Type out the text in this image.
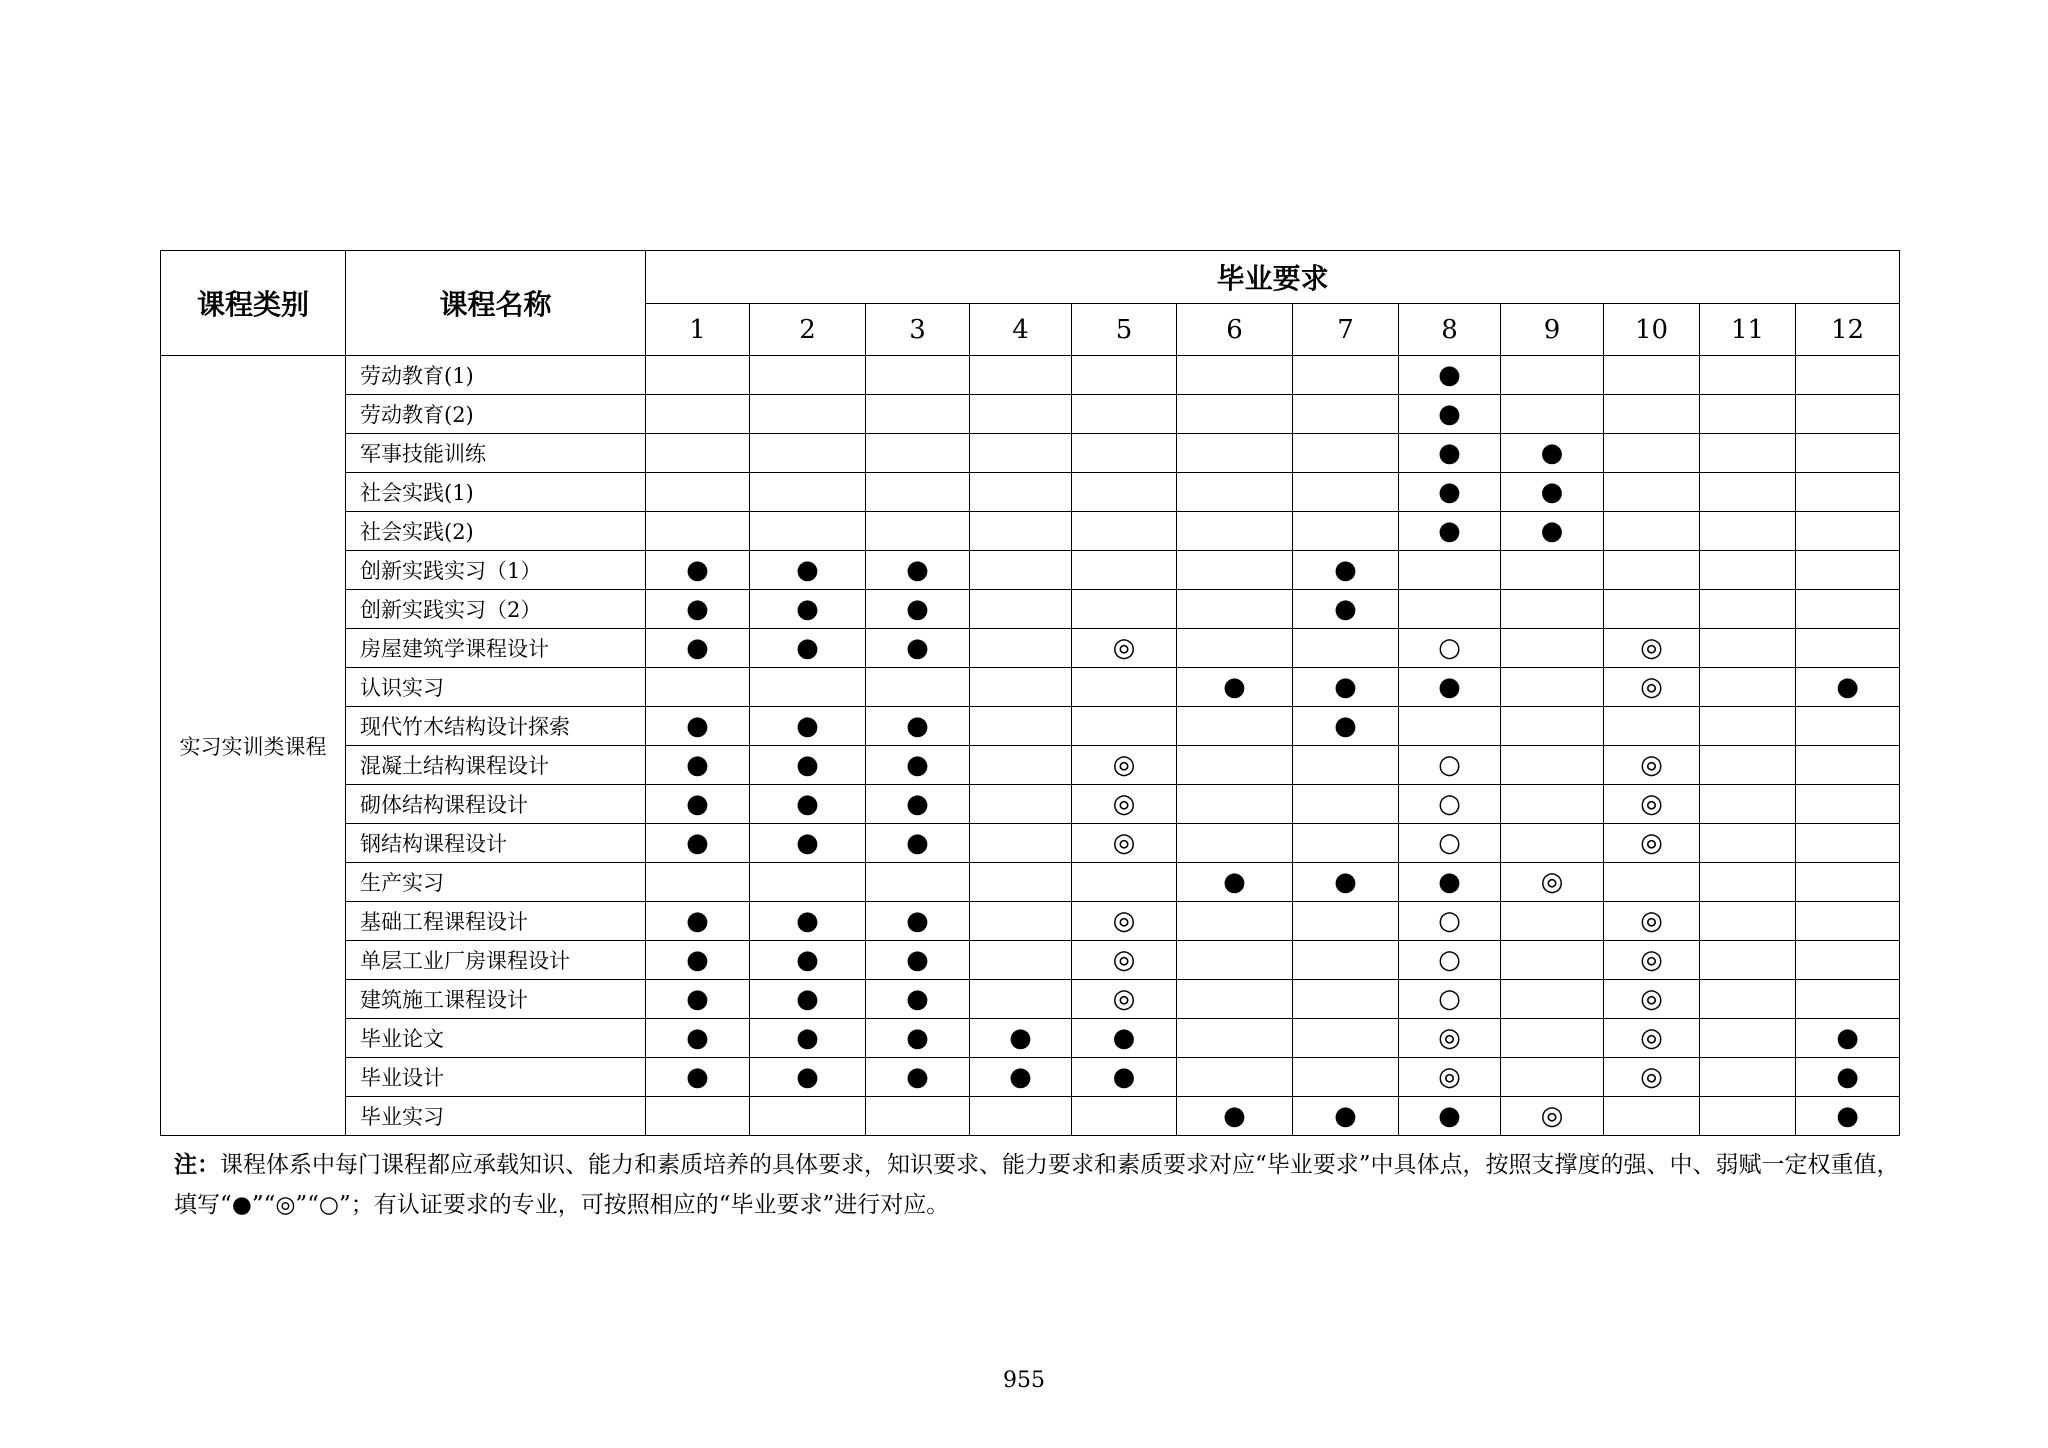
课程类别	课程名称	毕业要求											
		1	2	3	4	5	6	7	8	9	10	11	12
实习实训类课程	劳动教育(1)								●				
	劳动教育(2)								●				
	军事技能训练								●	●			
	社会实践(1)								●	●			
	社会实践(2)								●	●			
	创新实践实习（1）	●	●	●				●					
	创新实践实习（2）	●	●	●				●					
	房屋建筑学课程设计	●	●	●		◎			○		◎		
	认识实习						●	●	●		◎		●
	现代竹木结构设计探索	●	●	●				●					
	混凝土结构课程设计	●	●	●		◎			○		◎		
	砌体结构课程设计	●	●	●		◎			○		◎		
	钢结构课程设计	●	●	●		◎			○		◎		
	生产实习						●	●	●	◎			
	基础工程课程设计	●	●	●		◎			○		◎		
	单层工业厂房课程设计	●	●	●		◎			○		◎		
	建筑施工课程设计	●	●	●		◎			○		◎		
	毕业论文	●	●	●	●	●			◎		◎		●
	毕业设计	●	●	●	●	●			◎		◎		●
	毕业实习						●	●	●	◎			●
注：课程体系中每门课程都应承载知识、能力和素质培养的具体要求，知识要求、能力要求和素质要求对应“毕业要求”中具体点，按照支撑度的强、中、弱赋一定权重值，填写“●”“◎”“○”；有认证要求的专业，可按照相应的“毕业要求”进行对应。
955
